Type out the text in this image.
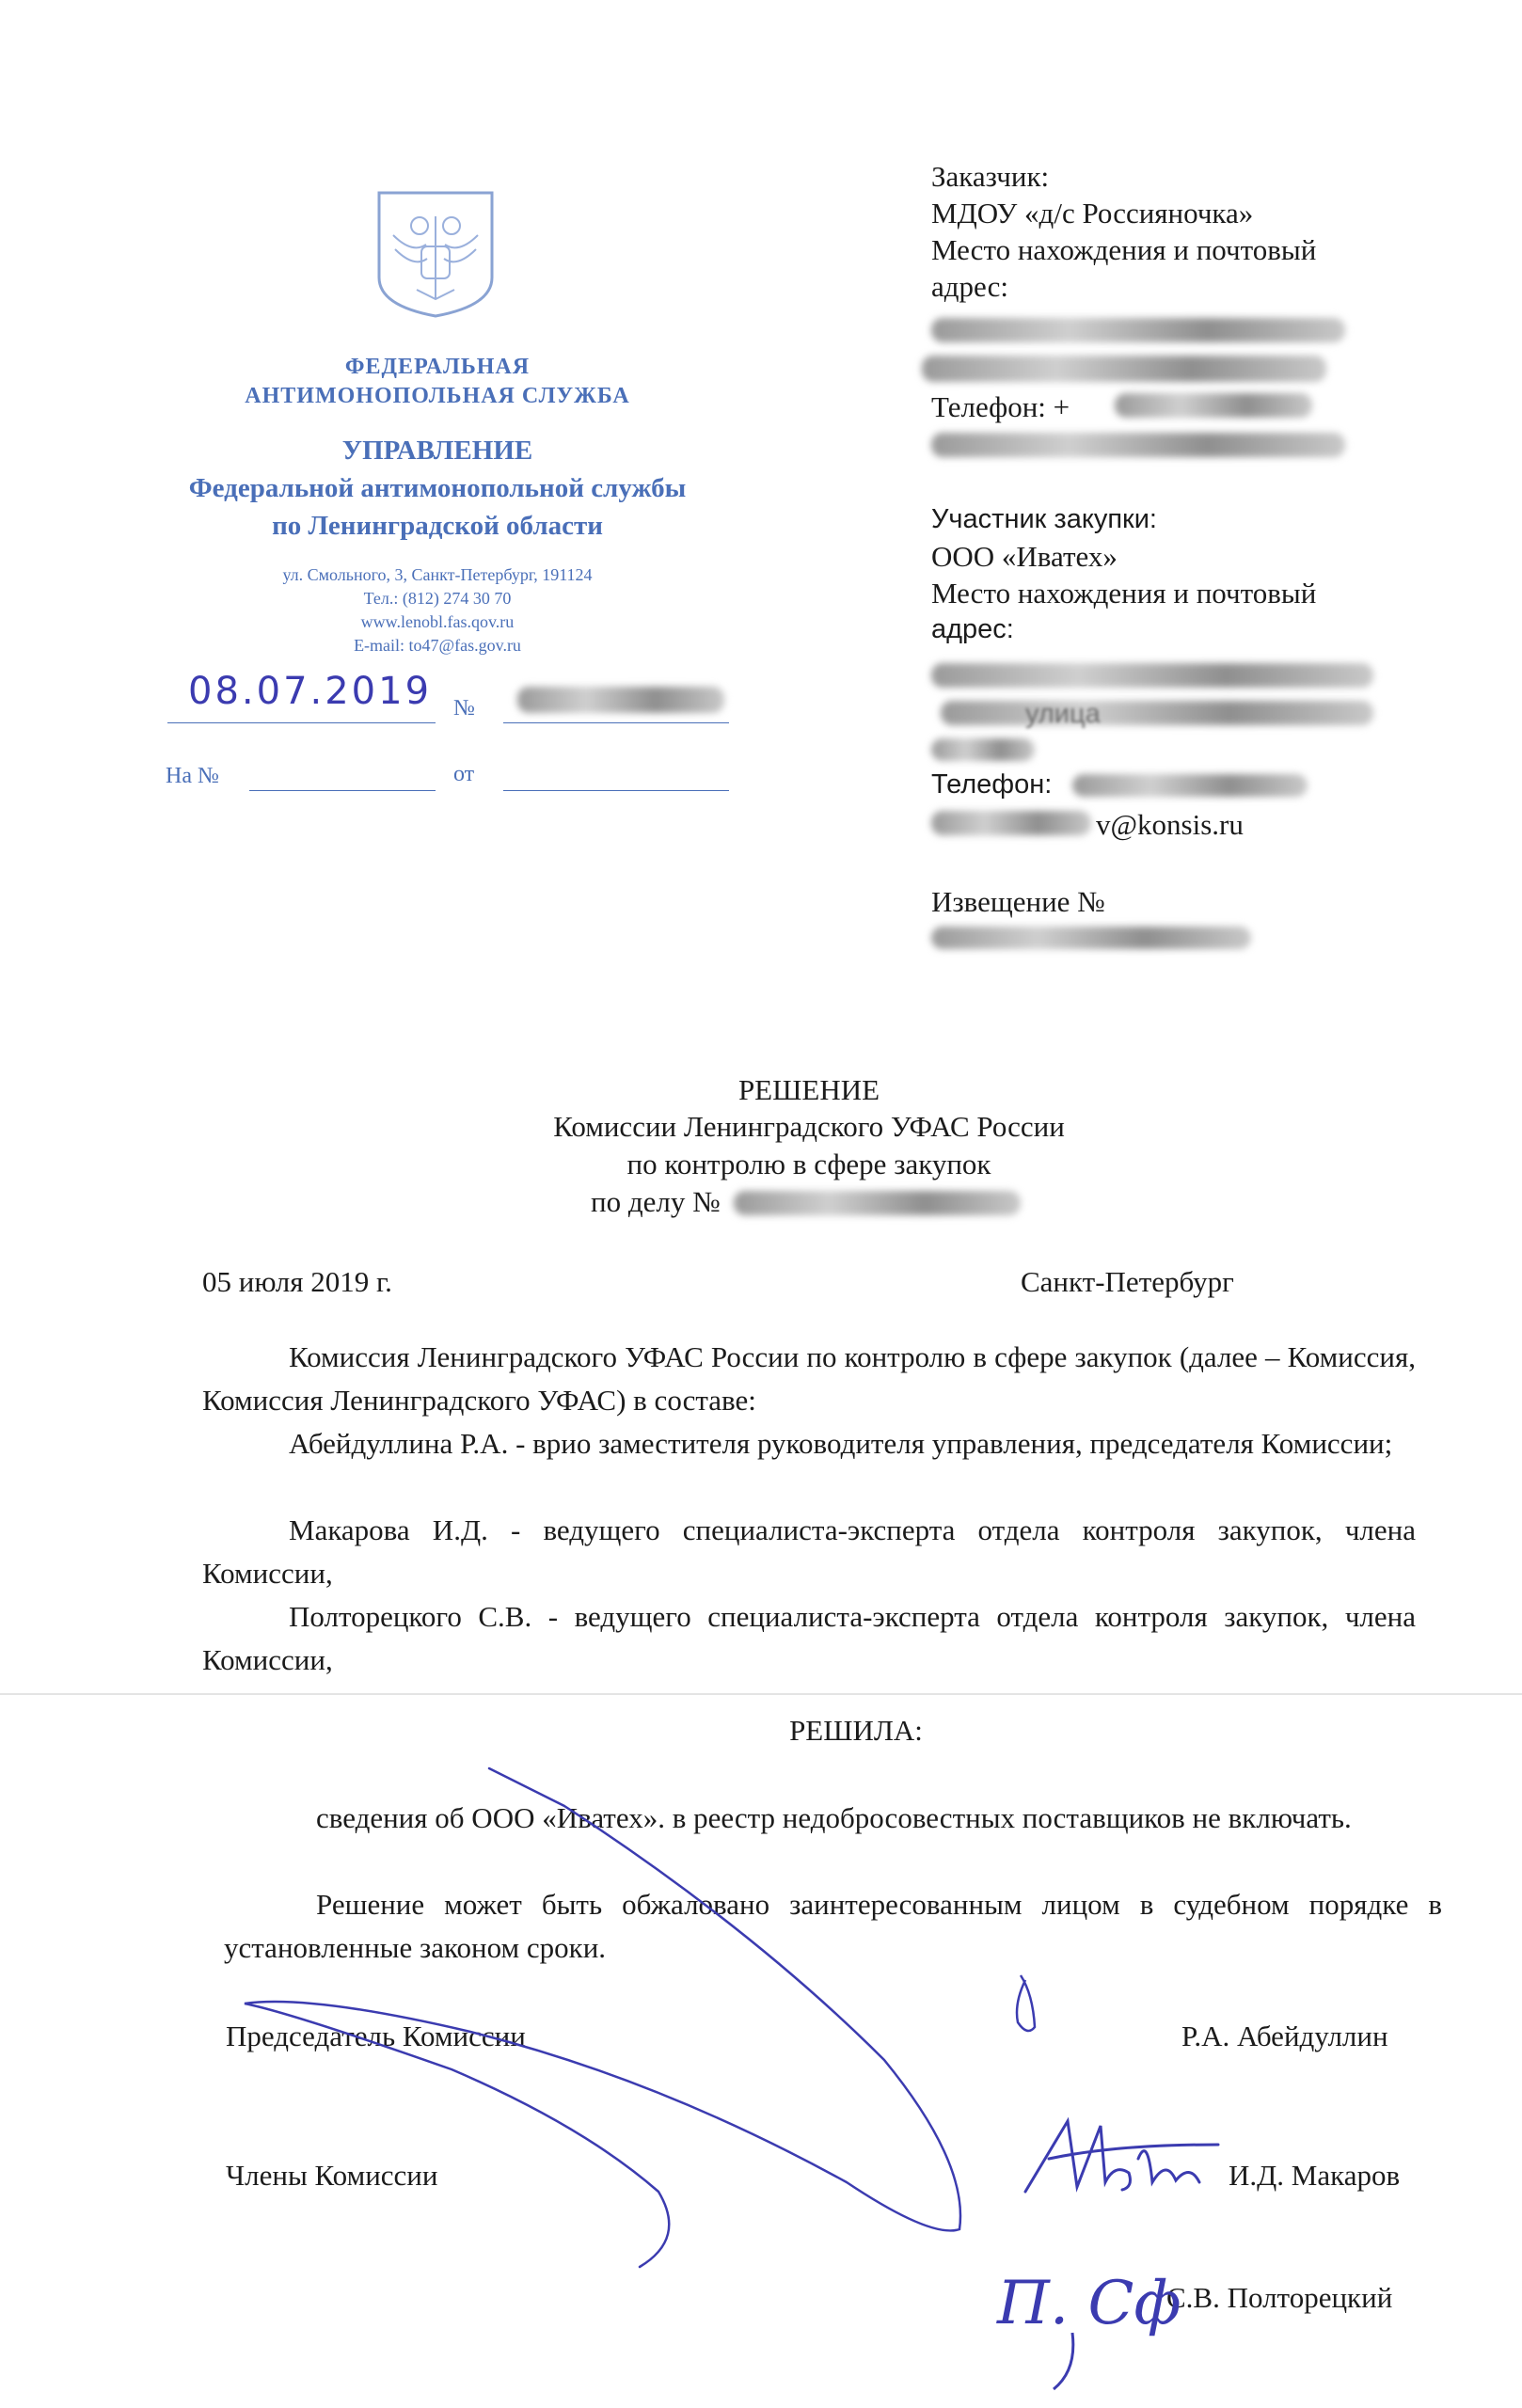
ФЕДЕРАЛЬНАЯ
АНТИМОНОПОЛЬНАЯ СЛУЖБА
УПРАВЛЕНИЕ
Федеральной антимонопольной службы
по Ленинградской области
ул. Смольного, 3, Санкт-Петербург, 191124
Тел.: (812) 274 30 70
www.lenobl.fas.qov.ru
E-mail: to47@fas.gov.ru
08.07.2019 №
На №	от
Заказчик:
МДОУ «д/с Россияночка»
Место нахождения и почтовый
адрес:
Телефон: +
Участник закупки:
ООО «Иватех»
Место нахождения и почтовый
адрес:
улица
Телефон:
v@konsis.ru
Извещение №
РЕШЕНИЕ
Комиссии Ленинградского УФАС России
по контролю в сфере закупок
по делу №
05 июля 2019 г.	Санкт-Петербург
Комиссия Ленинградского УФАС России по контролю в сфере закупок (далее – Комиссия, Комиссия Ленинградского УФАС) в составе:
Абейдуллина Р.А. - врио заместителя руководителя управления, председателя Комиссии;
Макарова И.Д. - ведущего специалиста-эксперта отдела контроля закупок, члена Комиссии,
Полторецкого С.В. - ведущего специалиста-эксперта отдела контроля закупок, члена Комиссии,
РЕШИЛА:
сведения об ООО «Иватех». в реестр недобросовестных поставщиков не включать.
Решение может быть обжаловано заинтересованным лицом в судебном порядке в установленные законом сроки.
Председатель Комиссии	Р.А. Абейдуллин
Члены Комиссии	И.Д. Макаров
С.В. Полторецкий
П. Сф
